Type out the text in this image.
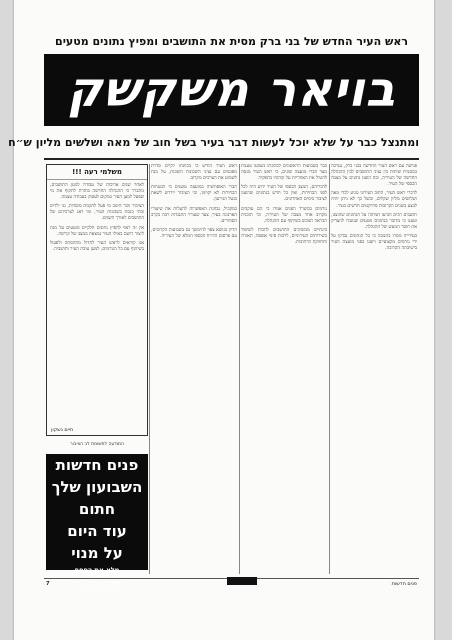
ראש העיר החדש של בני ברק מסית את התושבים ומפיץ נתונים מטעים
בויאר משקשק
ומתנצל כבר על שלא יוכל לעשות דבר בעיר בשל חוב של מאה ושלשים מליון ש״ח

פגישה עם ראש העיר החדשה בבני ברק, נערכה במסגרת שיחות בין נציגי התושבים לבין ההנהלה החדשה של העיריה, ובה הוצגו נתונים על מצבה הכספי של העיר.

לדברי ראש העיר, החוב העירוני מגיע לכדי מאה ושלושים מליון שקלים, ובשל כך לא ניתן יהיה לבצע בשנים הקרובות פרויקטים חדשים בעיר.

תושבים רבים הביעו תמיהה על הנתונים שהוצגו, וטענו כי מדובר בנתונים מטעים שנועדו להצדיק את חוסר המעש של ההנהלה.

בעירייה מסרו בתגובה כי כל הנתונים נבדקו על ידי גורמים מקצועיים ויוצגו בפני מועצת העיר בישיבתה הקרובה.

כבר בשבועות הראשונים לכהונתו נשמעו טענות מצד חברי מועצה שונים, כי ראש העיר מנסה להטיל את האחריות על קודמיו בתפקיד.

לדבריהם, המצב הכספי של העיר ידוע היה לכל לפני הבחירות, ואין כל חדש בנתונים שהוצגו לציבור בימים האחרונים.

גורמים במשרד הפנים אמרו כי הם עוקבים מקרוב אחר מצבה של העיריה, וכי תוכנית הבראה תגובש בשיתוף עם ההנהלה.

בינתיים ממשיכים התושבים לחכות לשיפור בשירותים העירוניים, לרבות פינוי אשפה, תאורה ותחזוקת הרחובות.

ראש העיר הודיע כי בכוונתו לקיים סדרת מפגשים עם נציגי השכונות השונות, על מנת לשמוע את הצרכים מקרוב.

חברי האופוזיציה במועצה טוענים כי הבטחות הבחירות לא יקוימו, וכי הציבור יידרש לשאת בנטל הגירעון.

במקביל, נבחנת האפשרות להעלות את שיעורי הארנונה בעיר, צעד שעורר התנגדות רבה בקרב הסוחרים.

הדיון בנושא צפוי להימשך גם בשבועות הקרובים, עם פרסום הדו״ח הכספי המלא של העיריה.

משלמי רעה !!!

לאחר שנים ארוכות של עבודה למען התושבים, מתברר כי ההנהלה החדשה בוחרת לתקוף את מי שפעל למען העיר במקום לעסוק בעבודה עצמה.

הציבור זוכר היטב מי פעל להקמת מוסדות, גני ילדים ובתי כנסת בשכונות העיר, ומי דאג לצרכיהם של התושבים לאורך השנים.

אין זה ראוי להפיץ נתונים חלקיים ומטעים על מנת ליצור רושם כאילו העיר נמצאת במצב של קריסה.

אנו קוראים לראש העיר לחדול מההסתה ולפעול בשיתוף עם כל הגורמים, למען טובת העיר ותושביה.

חיים נשקון
המודעה לתשומת לב הציבור
פנים חדשות
השבועון שלך
חתום
עוד היום
על מנוי
מלא את הספח
שתמצא בגליון זה
7	פנים חדשות
